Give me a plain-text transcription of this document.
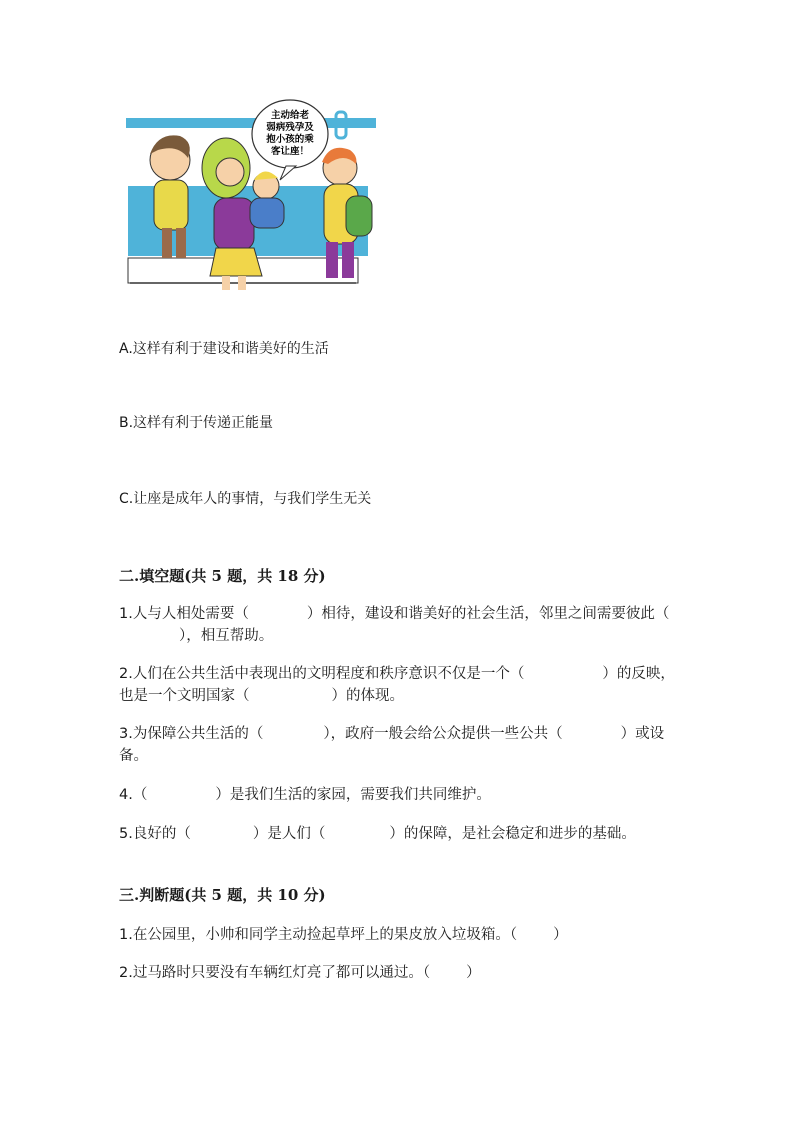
主动给老
弱病残孕及
抱小孩的乘
客让座！
A.这样有利于建设和谐美好的生活
B.这样有利于传递正能量
C.让座是成年人的事情，与我们学生无关
二.填空题(共 5 题，共 18 分)
1.人与人相处需要（	）相待，建设和谐美好的社会生活，邻里之间需要彼此（），相互帮助。
2.人们在公共生活中表现出的文明程度和秩序意识不仅是一个（	）的反映，也是一个文明国家（	）的体现。
3.为保障公共生活的（	），政府一般会给公众提供一些公共（	）或设备。
4.（	）是我们生活的家园，需要我们共同维护。
5.良好的（	）是人们（	）的保障，是社会稳定和进步的基础。
三.判断题(共 5 题，共 10 分)
1.在公园里，小帅和同学主动捡起草坪上的果皮放入垃圾箱。（ ）
2.过马路时只要没有车辆红灯亮了都可以通过。（ ）
